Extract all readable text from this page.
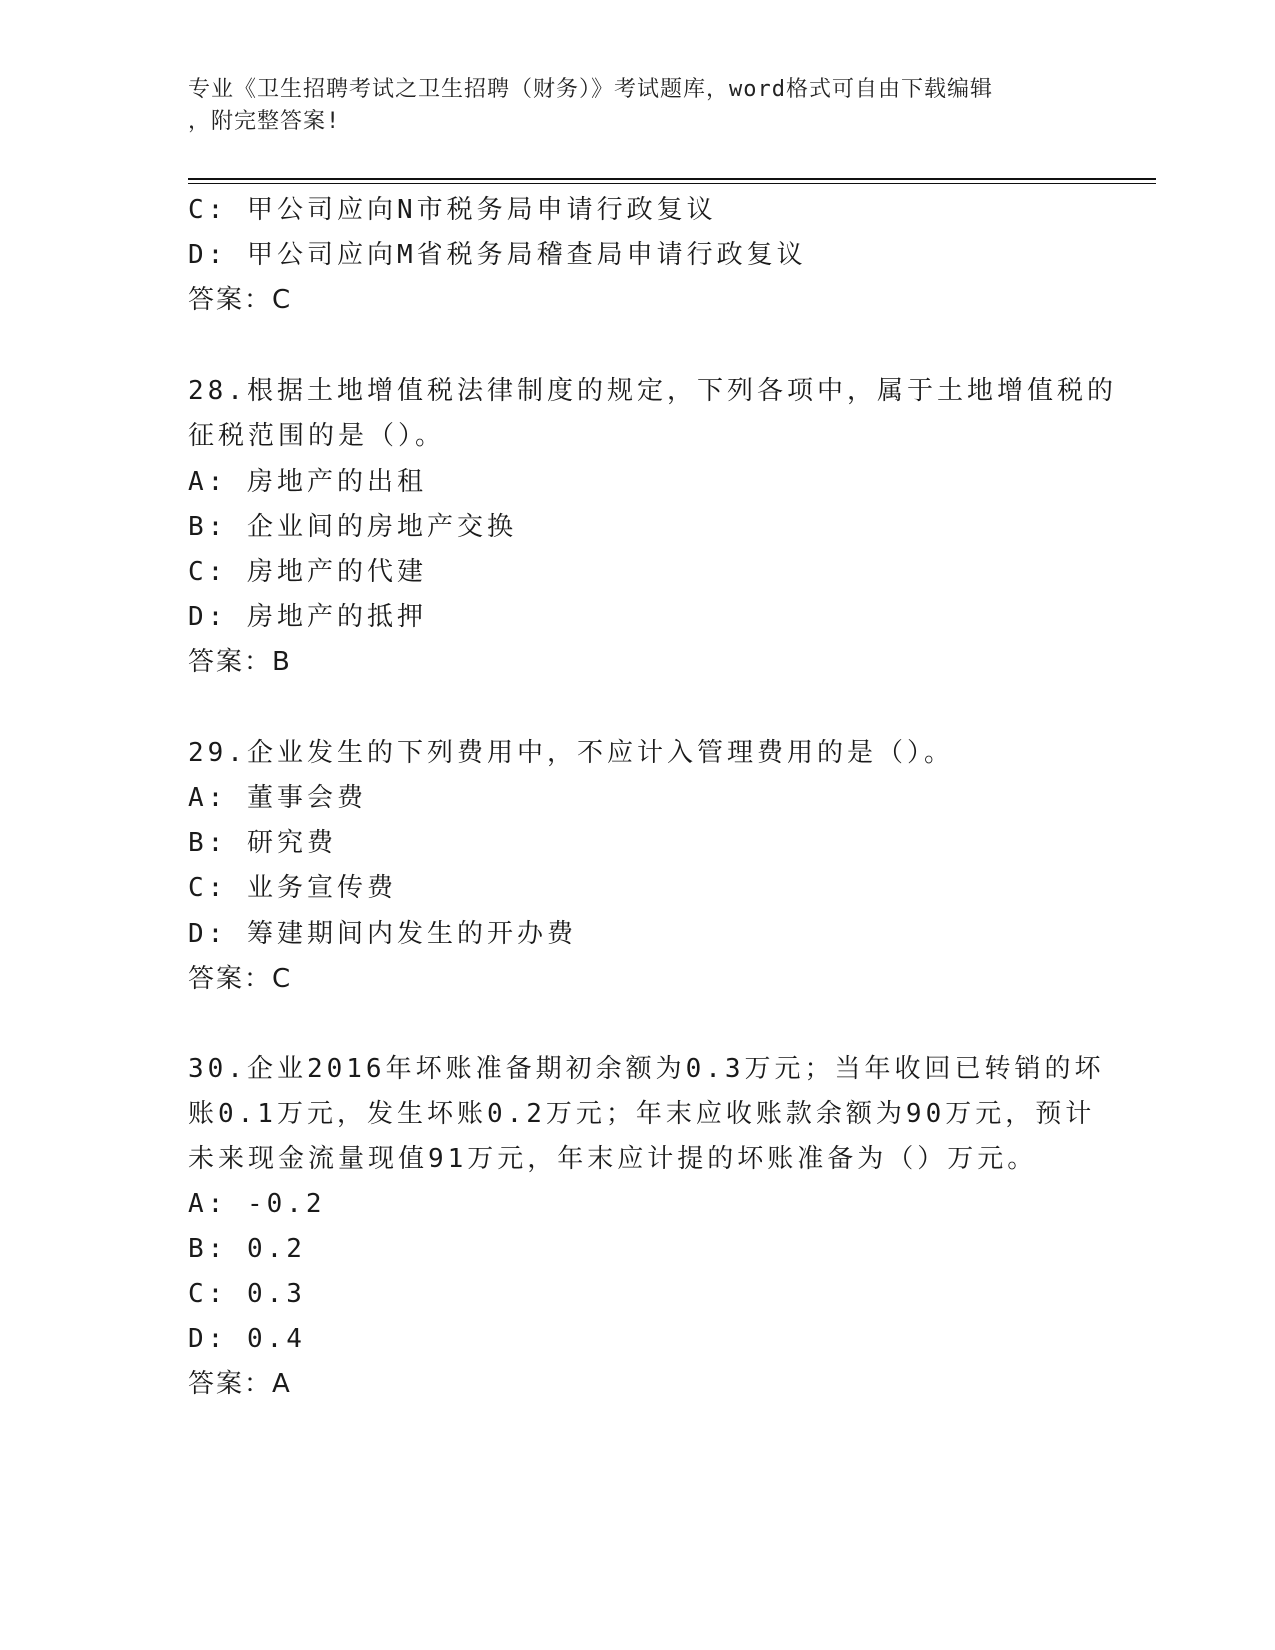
专业《卫生招聘考试之卫生招聘（财务）》考试题库，word格式可自由下载编辑
，附完整答案!
C: 甲公司应向N市税务局申请行政复议
D: 甲公司应向M省税务局稽查局申请行政复议
答案：C
28.根据土地增值税法律制度的规定，下列各项中，属于土地增值税的
征税范围的是（）。
A: 房地产的出租
B: 企业间的房地产交换
C: 房地产的代建
D: 房地产的抵押
答案：B
29.企业发生的下列费用中，不应计入管理费用的是（）。
A: 董事会费
B: 研究费
C: 业务宣传费
D: 筹建期间内发生的开办费
答案：C
30.企业2016年坏账准备期初余额为0.3万元；当年收回已转销的坏
账0.1万元，发生坏账0.2万元；年末应收账款余额为90万元，预计
未来现金流量现值91万元，年末应计提的坏账准备为（）万元。
A: -0.2
B: 0.2
C: 0.3
D: 0.4
答案：A
